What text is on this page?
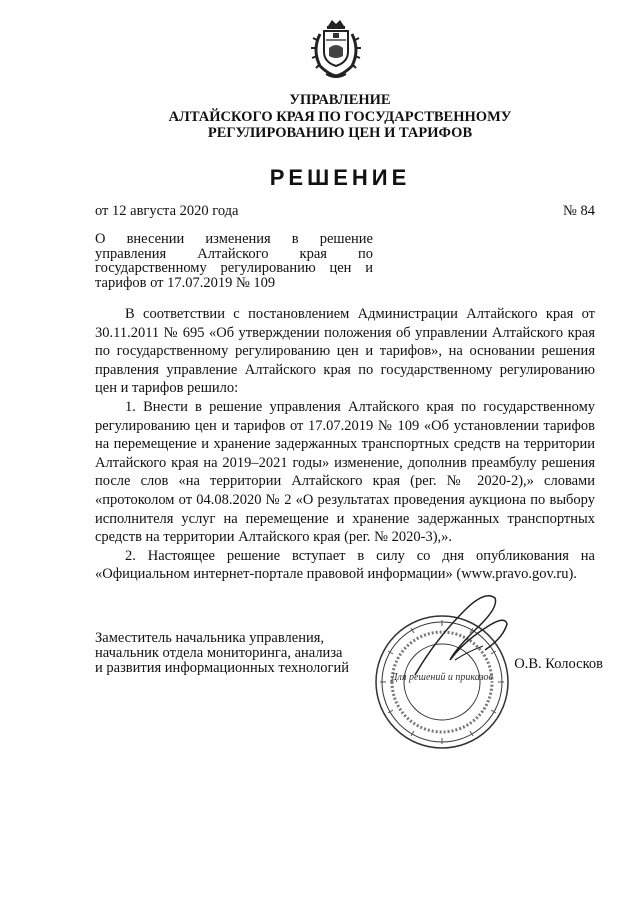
УПРАВЛЕНИЕ
АЛТАЙСКОГО КРАЯ ПО ГОСУДАРСТВЕННОМУ
РЕГУЛИРОВАНИЮ ЦЕН И ТАРИФОВ
РЕШЕНИЕ
от 12 августа 2020 года	№ 84
О внесении изменения в решение управления Алтайского края по государственному регулированию цен и тарифов от 17.07.2019 № 109

В соответствии с постановлением Администрации Алтайского края от 30.11.2011 № 695 «Об утверждении положения об управлении Алтайского края по государственному регулированию цен и тарифов», на основании решения правления управление Алтайского края по государственному регулированию цен и тарифов решило:

1. Внести в решение управления Алтайского края по государственному регулированию цен и тарифов от 17.07.2019 № 109 «Об установлении тарифов на перемещение и хранение задержанных транспортных средств на территории Алтайского края на 2019–2021 годы» изменение, дополнив преамбулу решения после слов «на территории Алтайского края (рег. № 2020-2),» словами «протоколом от 04.08.2020 № 2 «О результатах проведения аукциона по выбору исполнителя услуг на перемещение и хранение задержанных транспортных средств на территории Алтайского края (рег. № 2020-3),».

2. Настоящее решение вступает в силу со дня опубликования на «Официальном интернет-портале правовой информации» (www.pravo.gov.ru).

Заместитель начальника управления,
начальник отдела мониторинга, анализа
и развития информационных технологий
Для решений и приказов
О.В. Колосков
